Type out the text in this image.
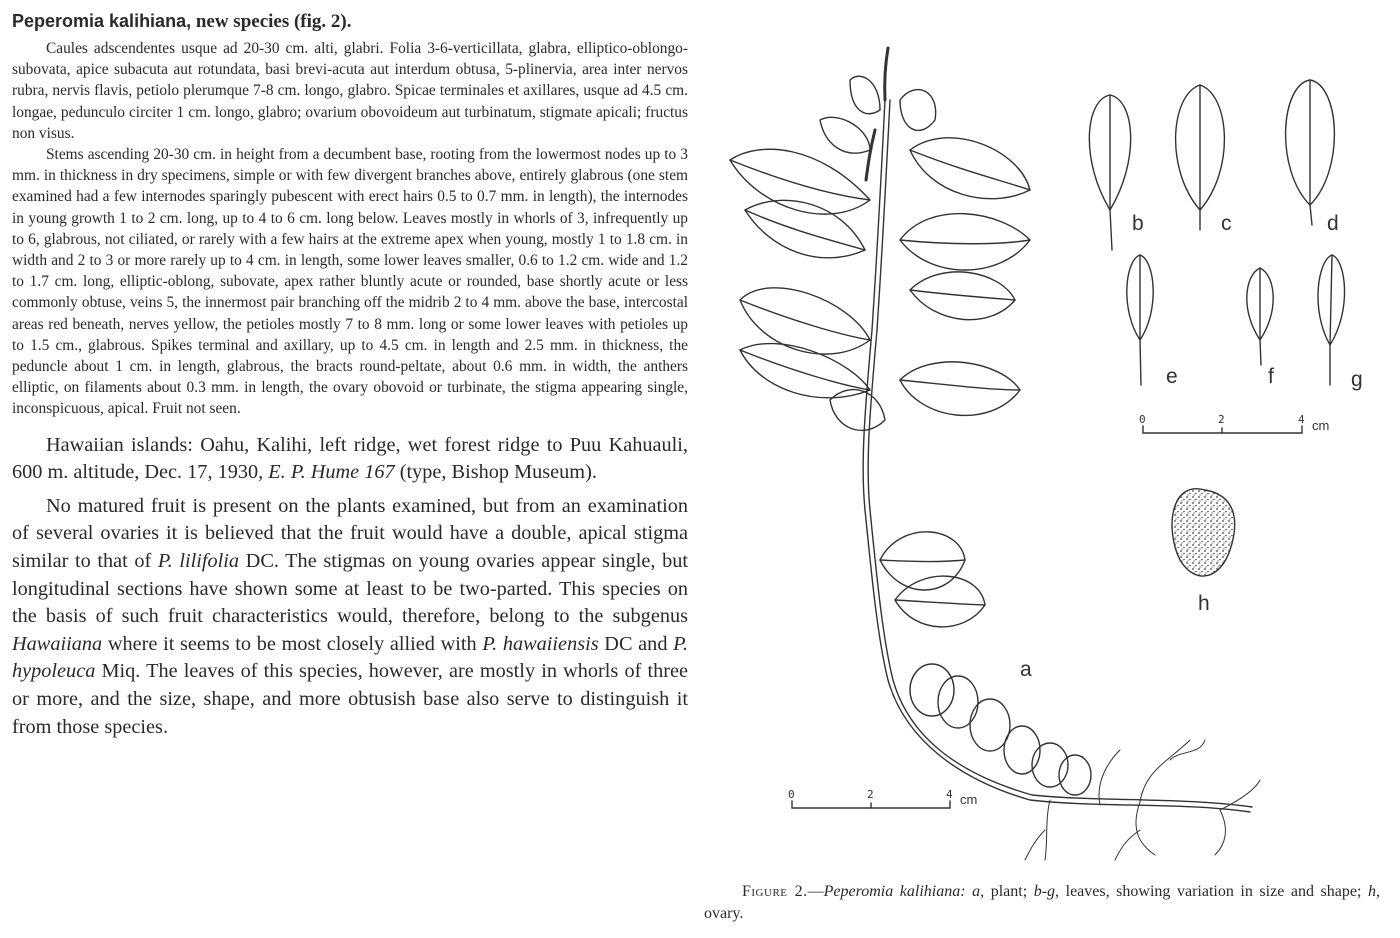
Peperomia kalihiana, new species (fig. 2).

Caules adscendentes usque ad 20-30 cm. alti, glabri. Folia 3-6-verticillata, glabra, elliptico-oblongo-subovata, apice subacuta aut rotundata, basi brevi-acuta aut interdum obtusa, 5-plinervia, area inter nervos rubra, nervis flavis, petiolo plerumque 7-8 cm. longo, glabro. Spicae terminales et axillares, usque ad 4.5 cm. longae, pedunculo circiter 1 cm. longo, glabro; ovarium obovoideum aut turbinatum, stigmate apicali; fructus non visus.

Stems ascending 20-30 cm. in height from a decumbent base, rooting from the lowermost nodes up to 3 mm. in thickness in dry specimens, simple or with few divergent branches above, entirely glabrous (one stem examined had a few internodes sparingly pubescent with erect hairs 0.5 to 0.7 mm. in length), the internodes in young growth 1 to 2 cm. long, up to 4 to 6 cm. long below. Leaves mostly in whorls of 3, infrequently up to 6, glabrous, not ciliated, or rarely with a few hairs at the extreme apex when young, mostly 1 to 1.8 cm. in width and 2 to 3 or more rarely up to 4 cm. in length, some lower leaves smaller, 0.6 to 1.2 cm. wide and 1.2 to 1.7 cm. long, elliptic-oblong, subovate, apex rather bluntly acute or rounded, base shortly acute or less commonly obtuse, veins 5, the innermost pair branching off the midrib 2 to 4 mm. above the base, intercostal areas red beneath, nerves yellow, the petioles mostly 7 to 8 mm. long or some lower leaves with petioles up to 1.5 cm., glabrous. Spikes terminal and axillary, up to 4.5 cm. in length and 2.5 mm. in thickness, the peduncle about 1 cm. in length, glabrous, the bracts round-peltate, about 0.6 mm. in width, the anthers elliptic, on filaments about 0.3 mm. in length, the ovary obovoid or turbinate, the stigma appearing single, inconspicuous, apical. Fruit not seen.

Hawaiian islands: Oahu, Kalihi, left ridge, wet forest ridge to Puu Kahuauli, 600 m. altitude, Dec. 17, 1930, E. P. Hume 167 (type, Bishop Museum).

No matured fruit is present on the plants examined, but from an examination of several ovaries it is believed that the fruit would have a double, apical stigma similar to that of P. lilifolia DC. The stigmas on young ovaries appear single, but longitudinal sections have shown some at least to be two-parted. This species on the basis of such fruit characteristics would, therefore, belong to the subgenus Hawaiiana where it seems to be most closely allied with P. hawaiiensis DC and P. hypoleuca Miq. The leaves of this species, however, are mostly in whorls of three or more, and the size, shape, and more obtusish base also serve to distinguish it from those species.

a
b	c	d
e	f	g
h
0	2	4 cm
0	2	4 cm
Figure 2.—Peperomia kalihiana: a, plant; b-g, leaves, showing variation in size and shape; h, ovary.
